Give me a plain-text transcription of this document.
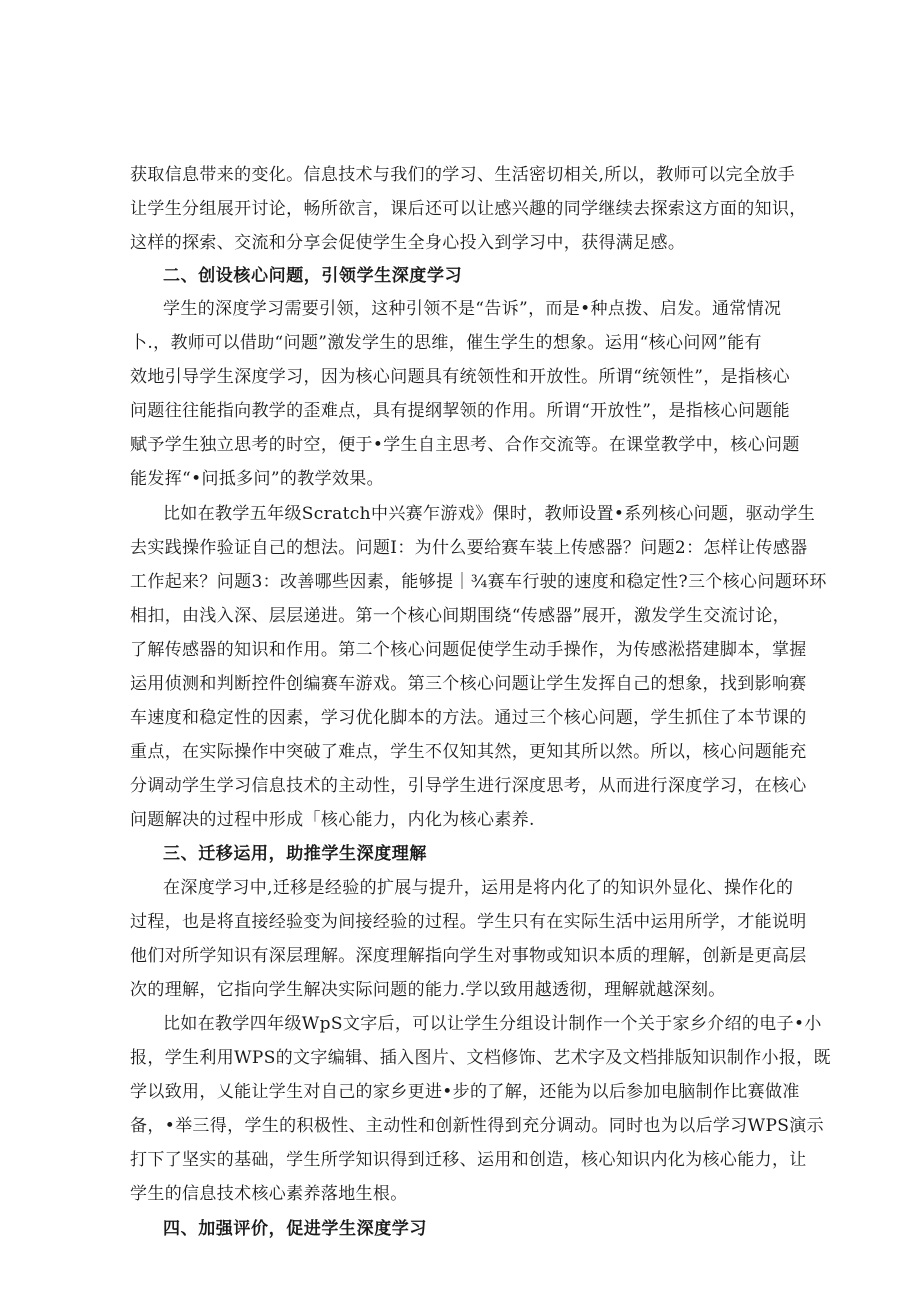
获取信息带来的变化。信息技术与我们的学习、生活密切相关,所以，教师可以完全放手
让学生分组展开讨论，畅所欲言，课后还可以让感兴趣的同学继续去探索这方面的知识，
这样的探索、交流和分享会促使学生全身心投入到学习中，获得满足感。
二、创设核心问题，引领学生深度学习
学生的深度学习需要引领，这种引领不是“告诉”，而是•种点拨、启发。通常情况
卜.，教师可以借助“问题”激发学生的思维，催生学生的想象。运用“核心问网”能有
效地引导学生深度学习，因为核心问题具有统领性和开放性。所谓“统领性”，是指核心
问题往往能指向教学的歪难点，具有提纲挈领的作用。所谓“开放性”，是指核心问题能
赋予学生独立思考的时空，便于•学生自主思考、合作交流等。在课堂教学中，核心问题
能发挥“•问抵多问”的教学效果。
比如在教学五年级Scratch中兴赛乍游戏》倮时，教师设置•系列核心问题，驱动学生
去实践操作验证自己的想法。问题I：为什么要给赛车装上传感器？问题2：怎样让传感器
工作起来？问题3：改善哪些因素，能够提｜¾赛车行驶的速度和稳定性?三个核心问题环环
相扣，由浅入深、层层递进。第一个核心间期围绕“传感器”展开，激发学生交流讨论，
了解传感器的知识和作用。第二个核心问题促使学生动手操作，为传感淞搭建脚本，掌握
运用侦测和判断控件创编赛车游戏。第三个核心问题让学生发挥自己的想象，找到影响赛
车速度和稳定性的因素，学习优化脚本的方法。通过三个核心问题，学生抓住了本节课的
重点，在实际操作中突破了难点，学生不仅知其然，更知其所以然。所以，核心问题能充
分调动学生学习信息技术的主动性，引导学生进行深度思考，从而进行深度学习，在核心
问题解决的过程中形成「核心能力，内化为核心素养.
三、迁移运用，助推学生深度理解
在深度学习中,迁移是经验的扩展与提升，运用是将内化了的知识外显化、操作化的
过程，也是将直接经验变为间接经验的过程。学生只有在实际生活中运用所学，才能说明
他们对所学知识有深层理解。深度理解指向学生对事物或知识本质的理解，创新是更高层
次的理解，它指向学生解决实际问题的能力.学以致用越透彻，理解就越深刻。
比如在教学四年级WpS文字后，可以让学生分组设计制作一个关于家乡介绍的电子•小
报，学生利用WPS的文字编辑、插入图片、文档修饰、艺术字及文档排版知识制作小报，既
学以致用，乂能让学生对自己的家乡更进•步的了解，还能为以后参加电脑制作比赛做准
备，•举三得，学生的积极性、主动性和创新性得到充分调动。同时也为以后学习WPS演示
打下了坚实的基础，学生所学知识得到迁移、运用和创造，核心知识内化为核心能力，让
学生的信息技术核心素养落地生根。
四、加强评价，促进学生深度学习
